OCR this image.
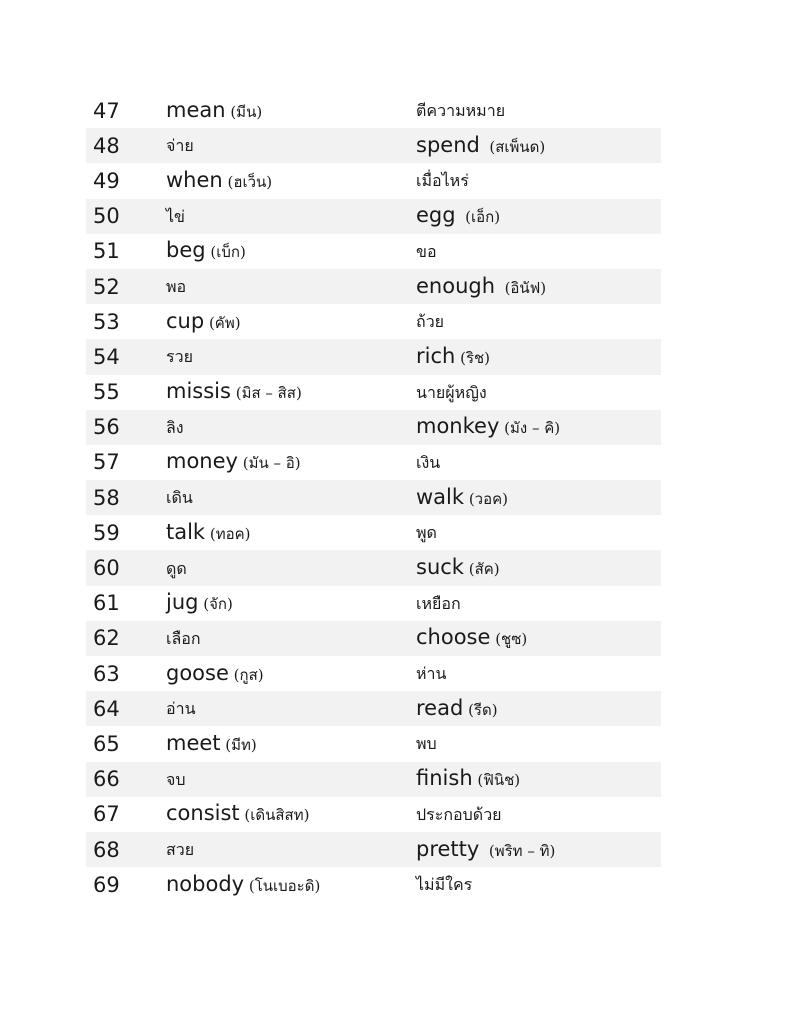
47	mean (มีน)	ตีความหมาย
48	จ่าย	spend  (สเพ็นด)
49	when (ฮเว็น)	เมื่อไหร่
50	ไข่	egg  (เอ็ก)
51	beg (เบ็ก)	ขอ
52	พอ	enough  (อินัฟ)
53	cup (คัพ)	ถ้วย
54	รวย	rich (ริช)
55	missis (มิส – สิส)	นายผู้หญิง
56	ลิง	monkey (มัง – คิ)
57	money (มัน – อิ)	เงิน
58	เดิน	walk (วอค)
59	talk (ทอค)	พูด
60	ดูด	suck (สัค)
61	jug (จัก)	เหยือก
62	เลือก	choose (ชูซ)
63	goose (กูส)	ห่าน
64	อ่าน	read (รีด)
65	meet (มีท)	พบ
66	จบ	finish (ฟินิช)
67	consist (เดินสิสท)	ประกอบด้วย
68	สวย	pretty  (พริท – ทิ)
69	nobody (โนเบอะดิ)	ไม่มีใคร
